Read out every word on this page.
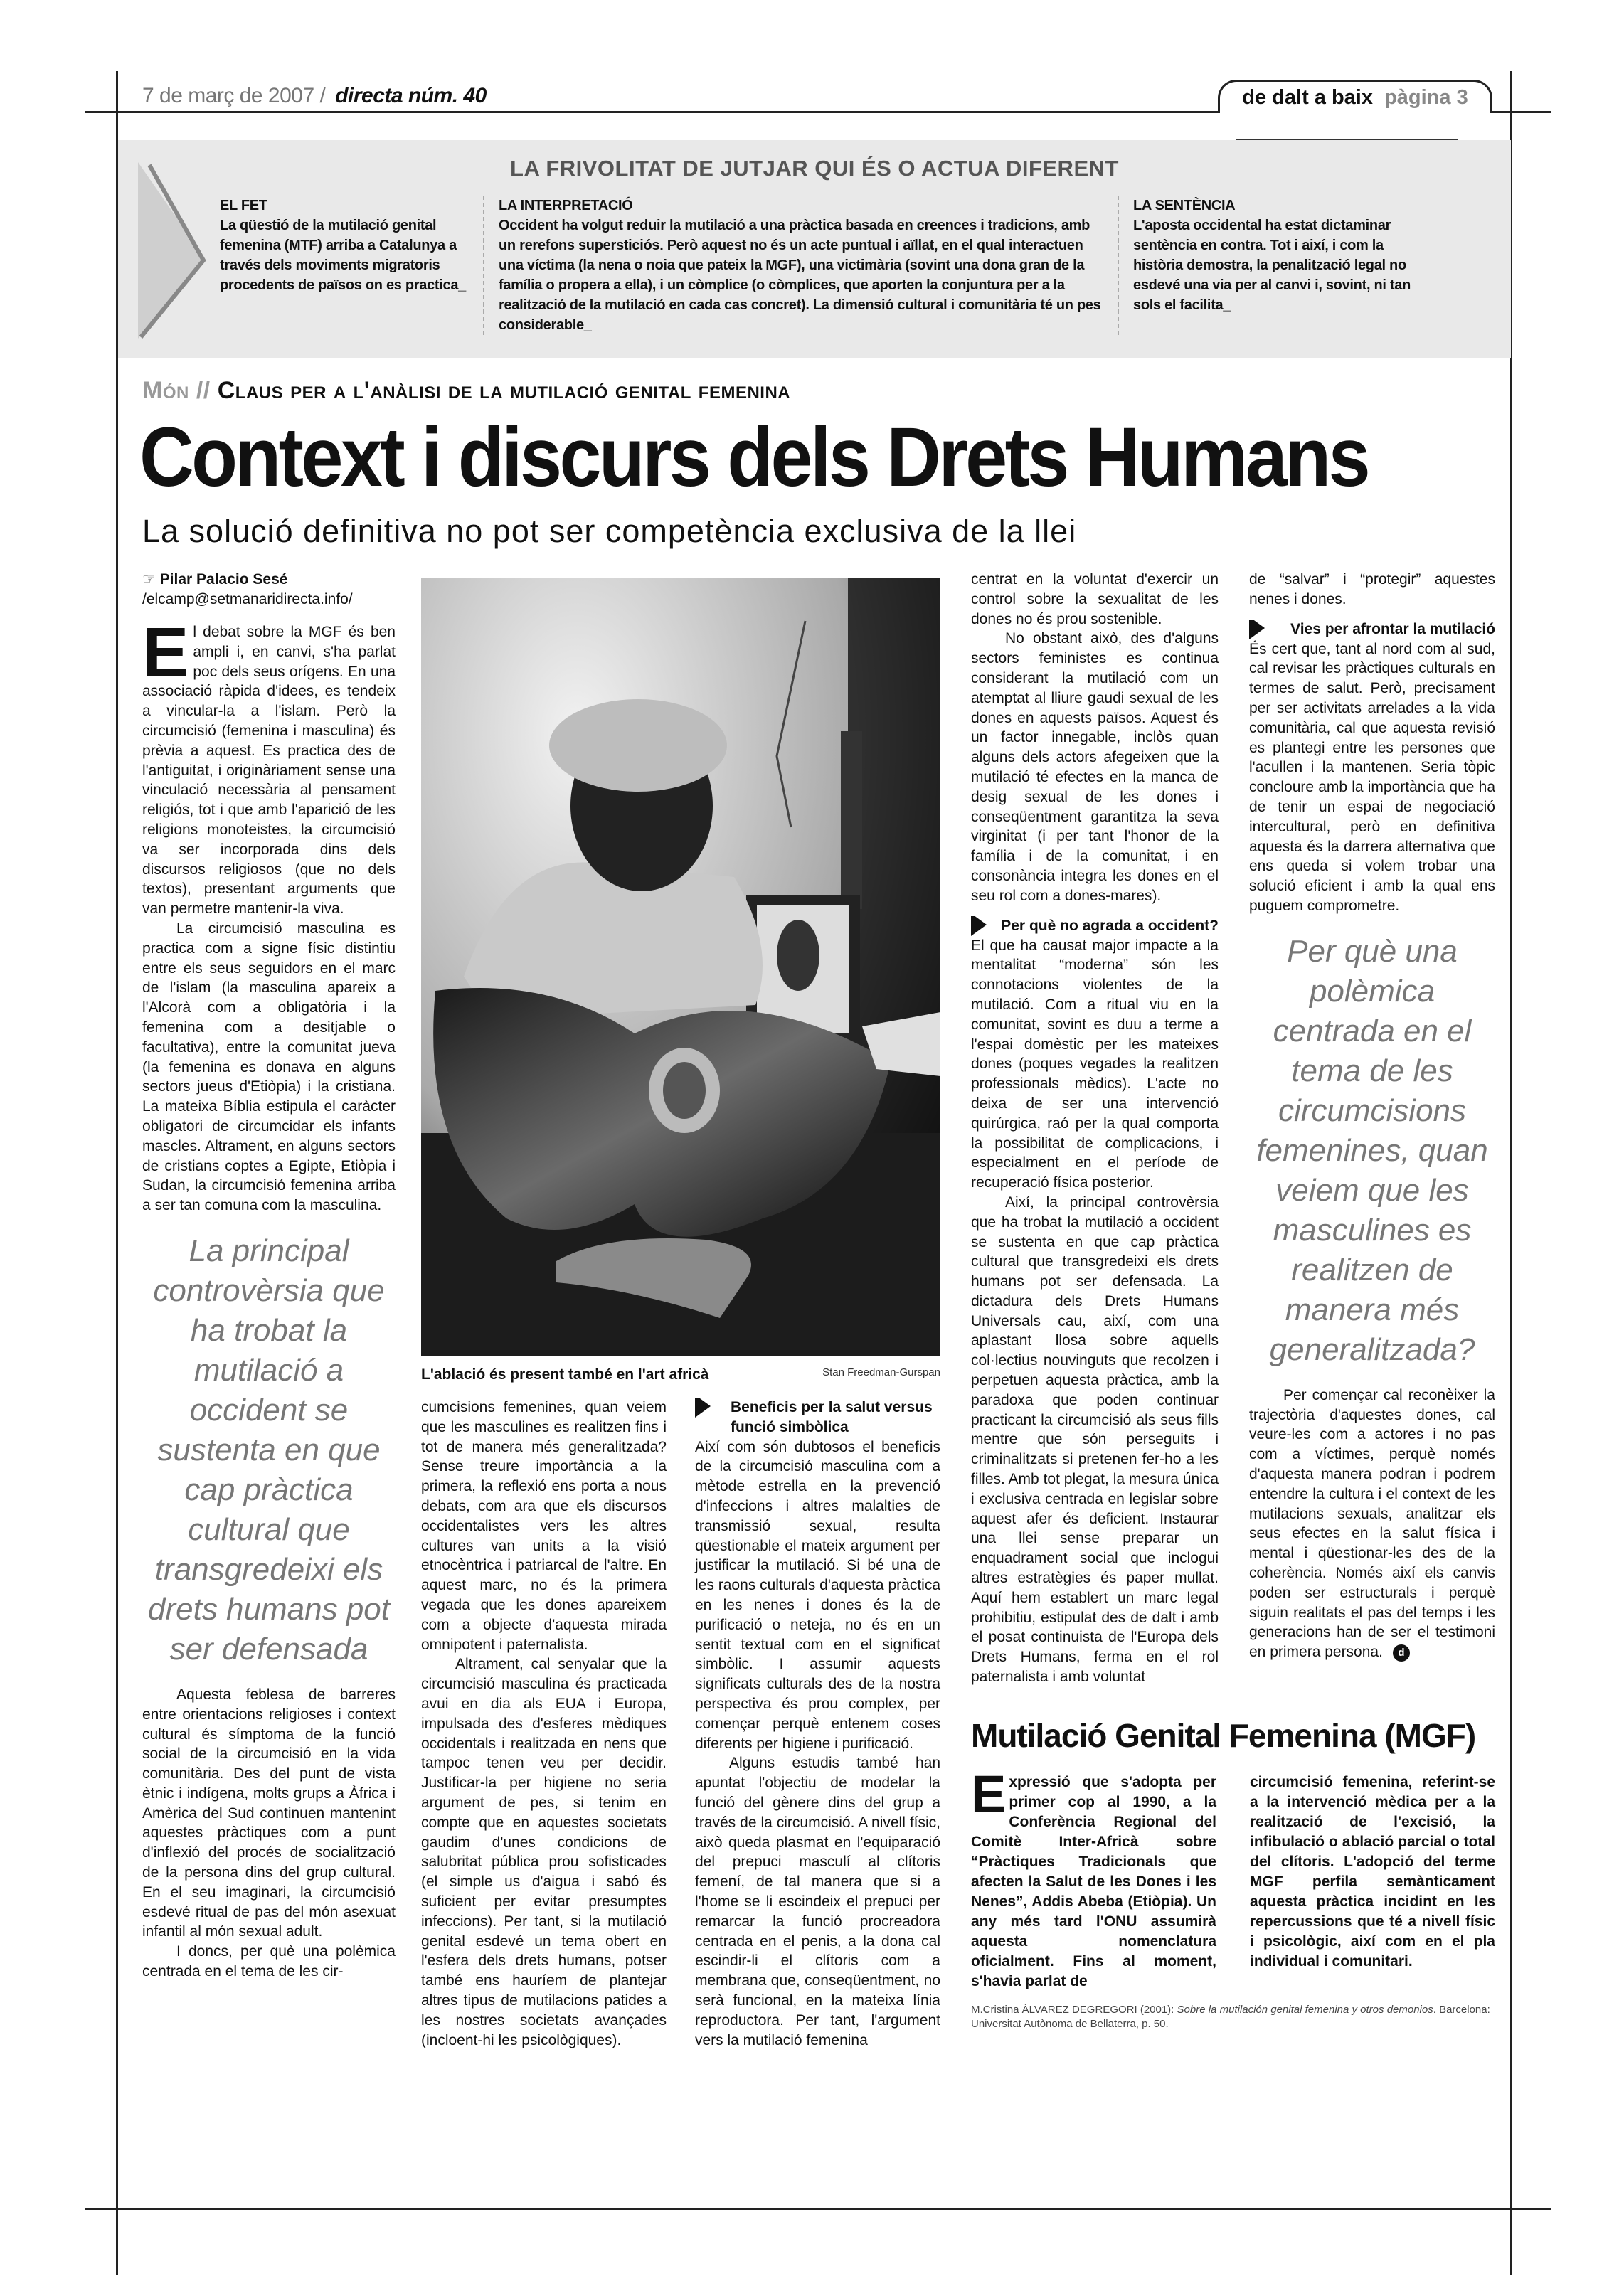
7 de març de 2007 / directa núm. 40	de dalt a baix pàgina 3
LA FRIVOLITAT DE JUTJAR QUI ÉS O ACTUA DIFERENT
EL FET
La qüestió de la mutilació genital femenina (MTF) arriba a Catalunya a través dels moviments migratoris procedents de països on es practica_
LA INTERPRETACIÓ
Occident ha volgut reduir la mutilació a una pràctica basada en creences i tradicions, amb un rerefons supersticiós. Però aquest no és un acte puntual i aïllat, en el qual interactuen una víctima (la nena o noia que pateix la MGF), una victimària (sovint una dona gran de la família o propera a ella), i un còmplice (o còmplices, que aporten la conjuntura per a la realització de la mutilació en cada cas concret). La dimensió cultural i comunitària té un pes considerable_
LA SENTÈNCIA
L'aposta occidental ha estat dictaminar sentència en contra. Tot i així, i com la història demostra, la penalització legal no esdevé una via per al canvi i, sovint, ni tan sols el facilita_
Món // Claus per a l'anàlisi de la mutilació genital femenina
Context i discurs dels Drets Humans
La solució definitiva no pot ser competència exclusiva de la llei
☞ Pilar Palacio Sesé
/elcamp@setmanaridirecta.info/

El debat sobre la MGF és ben ampli i, en canvi, s'ha parlat poc dels seus orígens. En una associació ràpida d'idees, es tendeix a vincular-la a l'islam. Però la circumcisió (femenina i masculina) és prèvia a aquest. Es practica des de l'antiguitat, i originàriament sense una vinculació necessària al pensament religiós, tot i que amb l'aparició de les religions monoteistes, la circumcisió va ser incorporada dins dels discursos religiosos (que no dels textos), presentant arguments que van permetre mantenir-la viva.

La circumcisió masculina es practica com a signe físic distintiu entre els seus seguidors en el marc de l'islam (la masculina apareix a l'Alcorà com a obligatòria i la femenina com a desitjable o facultativa), entre la comunitat jueva (la femenina es donava en alguns sectors jueus d'Etiòpia) i la cristiana. La mateixa Bíblia estipula el caràcter obligatori de circumcidar els infants mascles. Altrament, en alguns sectors de cristians coptes a Egipte, Etiòpia i Sudan, la circumcisió femenina arriba a ser tan comuna com la masculina.

La principal controvèrsia que ha trobat la mutilació a occident se sustenta en que cap pràctica cultural que transgredeixi els drets humans pot ser defensada

Aquesta feblesa de barreres entre orientacions religioses i context cultural és símptoma de la funció social de la circumcisió en la vida comunitària. Des del punt de vista ètnic i indígena, molts grups a Àfrica i Amèrica del Sud continuen mantenint aquestes pràctiques com a punt d'inflexió del procés de socialització de la persona dins del grup cultural. En el seu imaginari, la circumcisió esdevé ritual de pas del món asexuat infantil al món sexual adult.

I doncs, per què una polèmica centrada en el tema de les cir-

L'ablació és present també en l'art africà	Stan Freedman-Gurspan

cumcisions femenines, quan veiem que les masculines es realitzen fins i tot de manera més generalitzada? Sense treure importància a la primera, la reflexió ens porta a nous debats, com ara que els discursos occidentalistes vers les altres cultures van units a la visió etnocèntrica i patriarcal de l'altre. En aquest marc, no és la primera vegada que les dones apareixem com a objecte d'aquesta mirada omnipotent i paternalista.

Altrament, cal senyalar que la circumcisió masculina és practicada avui en dia als EUA i Europa, impulsada des d'esferes mèdiques occidentals i realitzada en nens que tampoc tenen veu per decidir. Justificar-la per higiene no seria argument de pes, si tenim en compte que en aquestes societats gaudim d'unes condicions de salubritat pública prou sofisticades (el simple us d'aigua i sabó és suficient per evitar presumptes infeccions). Per tant, si la mutilació genital esdevé un tema obert en l'esfera dels drets humans, potser també ens hauríem de plantejar altres tipus de mutilacions patides a les nostres societats avançades (incloent-hi les psicològiques).

Beneficis per la salut versus funció simbòlica

Així com són dubtosos el beneficis de la circumcisió masculina com a mètode estrella en la prevenció d'infeccions i altres malalties de transmissió sexual, resulta qüestionable el mateix argument per justificar la mutilació. Si bé una de les raons culturals d'aquesta pràctica en les nenes i dones és la de purificació o neteja, no és en un sentit textual com en el significat simbòlic. I assumir aquests significats culturals des de la nostra perspectiva és prou complex, per començar perquè entenem coses diferents per higiene i purificació.

Alguns estudis també han apuntat l'objectiu de modelar la funció del gènere dins del grup a través de la circumcisió. A nivell físic, això queda plasmat en l'equiparació del prepuci masculí al clítoris femení, de tal manera que si a l'home se li escindeix el prepuci per remarcar la funció procreadora centrada en el penis, a la dona cal escindir-li el clítoris com a membrana que, conseqüentment, no serà funcional, en la mateixa línia reproductora. Per tant, l'argument vers la mutilació femenina

centrat en la voluntat d'exercir un control sobre la sexualitat de les dones no és prou sostenible.

No obstant això, des d'alguns sectors feministes es continua considerant la mutilació com un atemptat al lliure gaudi sexual de les dones en aquests països. Aquest és un factor innegable, inclòs quan alguns dels actors afegeixen que la mutilació té efectes en la manca de desig sexual de les dones i conseqüentment garantitza la seva virginitat (i per tant l'honor de la família i de la comunitat, i en consonància integra les dones en el seu rol com a dones-mares).

Per què no agrada a occident?

El que ha causat major impacte a la mentalitat “moderna” són les connotacions violentes de la mutilació. Com a ritual viu en la comunitat, sovint es duu a terme a l'espai domèstic per les mateixes dones (poques vegades la realitzen professionals mèdics). L'acte no deixa de ser una intervenció quirúrgica, raó per la qual comporta la possibilitat de complicacions, i especialment en el període de recuperació física posterior.

Així, la principal controvèrsia que ha trobat la mutilació a occident se sustenta en que cap pràctica cultural que transgredeixi els drets humans pot ser defensada. La dictadura dels Drets Humans Universals cau, així, com una aplastant llosa sobre aquells col·lectius nouvinguts que recolzen i perpetuen aquesta pràctica, amb la paradoxa que poden continuar practicant la circumcisió als seus fills mentre que són perseguits i criminalitzats si pretenen fer-ho a les filles. Amb tot plegat, la mesura única i exclusiva centrada en legislar sobre aquest afer és deficient. Instaurar una llei sense preparar un enquadrament social que inclogui altres estratègies és paper mullat. Aquí hem establert un marc legal prohibitiu, estipulat des de dalt i amb el posat continuista de l'Europa dels Drets Humans, ferma en el rol paternalista i amb voluntat

de “salvar” i “protegir” aquestes nenes i dones.

Vies per afrontar la mutilació

És cert que, tant al nord com al sud, cal revisar les pràctiques culturals en termes de salut. Però, precisament per ser activitats arrelades a la vida comunitària, cal que aquesta revisió es plantegi entre les persones que l'acullen i la mantenen. Seria tòpic concloure amb la importància que ha de tenir un espai de negociació intercultural, però en definitiva aquesta és la darrera alternativa que ens queda si volem trobar una solució eficient i amb la qual ens puguem comprometre.

Per què una polèmica centrada en el tema de les circumcisions femenines, quan veiem que les masculines es realitzen de manera més generalitzada?

Per començar cal reconèixer la trajectòria d'aquestes dones, cal veure-les com a actores i no pas com a víctimes, perquè només d'aquesta manera podran i podrem entendre la cultura i el context de les mutilacions sexuals, analitzar els seus efectes en la salut física i mental i qüestionar-les des de la coherència. Només així els canvis poden ser estructurals i perquè siguin realitats el pas del temps i les generacions han de ser el testimoni en primera persona. d

Mutilació Genital Femenina (MGF)
Expressió que s'adopta per primer cop al 1990, a la Conferència Regional del Comitè Inter-Africà sobre “Pràctiques Tradicionals que afecten la Salut de les Dones i les Nenes”, Addis Abeba (Etiòpia). Un any més tard l'ONU assumirà aquesta nomenclatura oficialment. Fins al moment, s'havia parlat de
circumcisió femenina, referint-se a la intervenció mèdica per a la realització de l'excisió, la infibulació o ablació parcial o total del clítoris. L'adopció del terme MGF perfila semànticament aquesta pràctica incidint en les repercussions que té a nivell físic i psicològic, així com en el pla individual i comunitari.
M.Cristina ÁLVAREZ DEGREGORI (2001): Sobre la mutilación genital femenina y otros demonios. Barcelona: Universitat Autònoma de Bellaterra, p. 50.
